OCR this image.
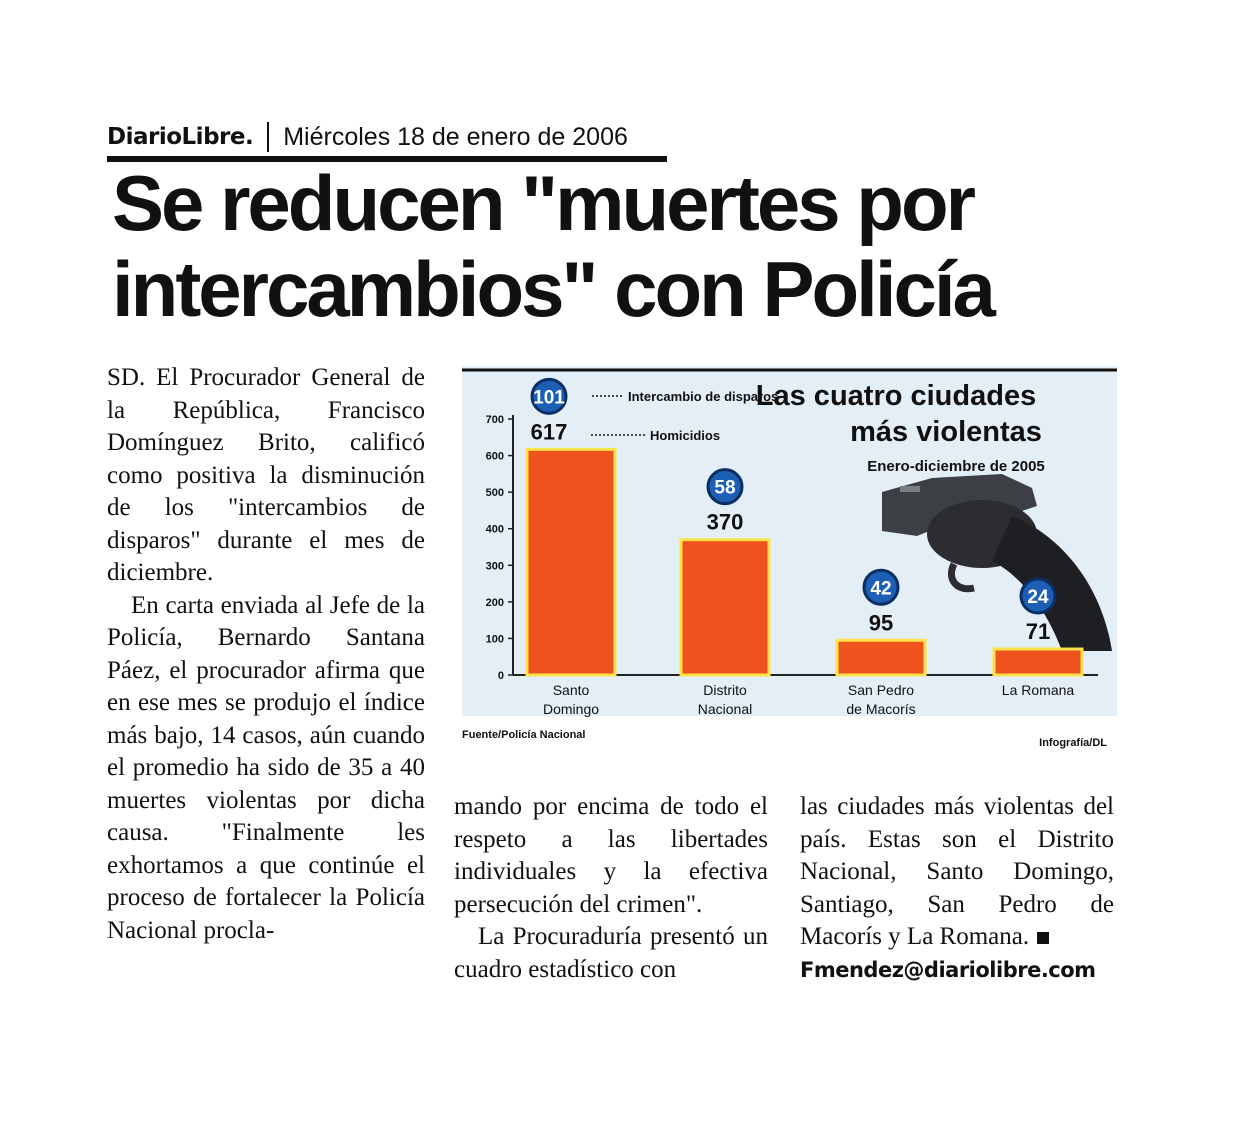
DiarioLibre.	Miércoles 18 de enero de 2006
Se reducen "muertes por intercambios" con Policía

SD. El Procurador General de la República, Francisco Domínguez Brito, calificó como positiva la disminución de los "intercambios de disparos" durante el mes de diciembre.

En carta enviada al Jefe de la Policía, Bernardo Santana Páez, el procurador afirma que en ese mes se produjo el índice más bajo, 14 casos, aún cuando el promedio ha sido de 35 a 40 muertes violentas por dicha causa. "Finalmente les exhortamos a que continúe el proceso de fortalecer la Policía Nacional procla-

mando por encima de todo el respeto a las libertades individuales y la efectiva persecución del crimen".

La Procuraduría presentó un cuadro estadístico con

las ciudades más violentas del país. Estas son el Distrito Nacional, Santo Domingo, Santiago, San Pedro de Macorís y La Romana.

Fmendez@diariolibre.com

0
100
200
300
400
500
600
700 617
101
Santo
Domingo
370
58
Distrito
Nacional
95
42
San Pedro
de Macorís
71
24
La Romana
Intercambio de disparos
Homicidios
Las cuatro ciudades
más violentas
Enero-diciembre de 2005
Fuente/Policía Nacional
Infografía/DL
